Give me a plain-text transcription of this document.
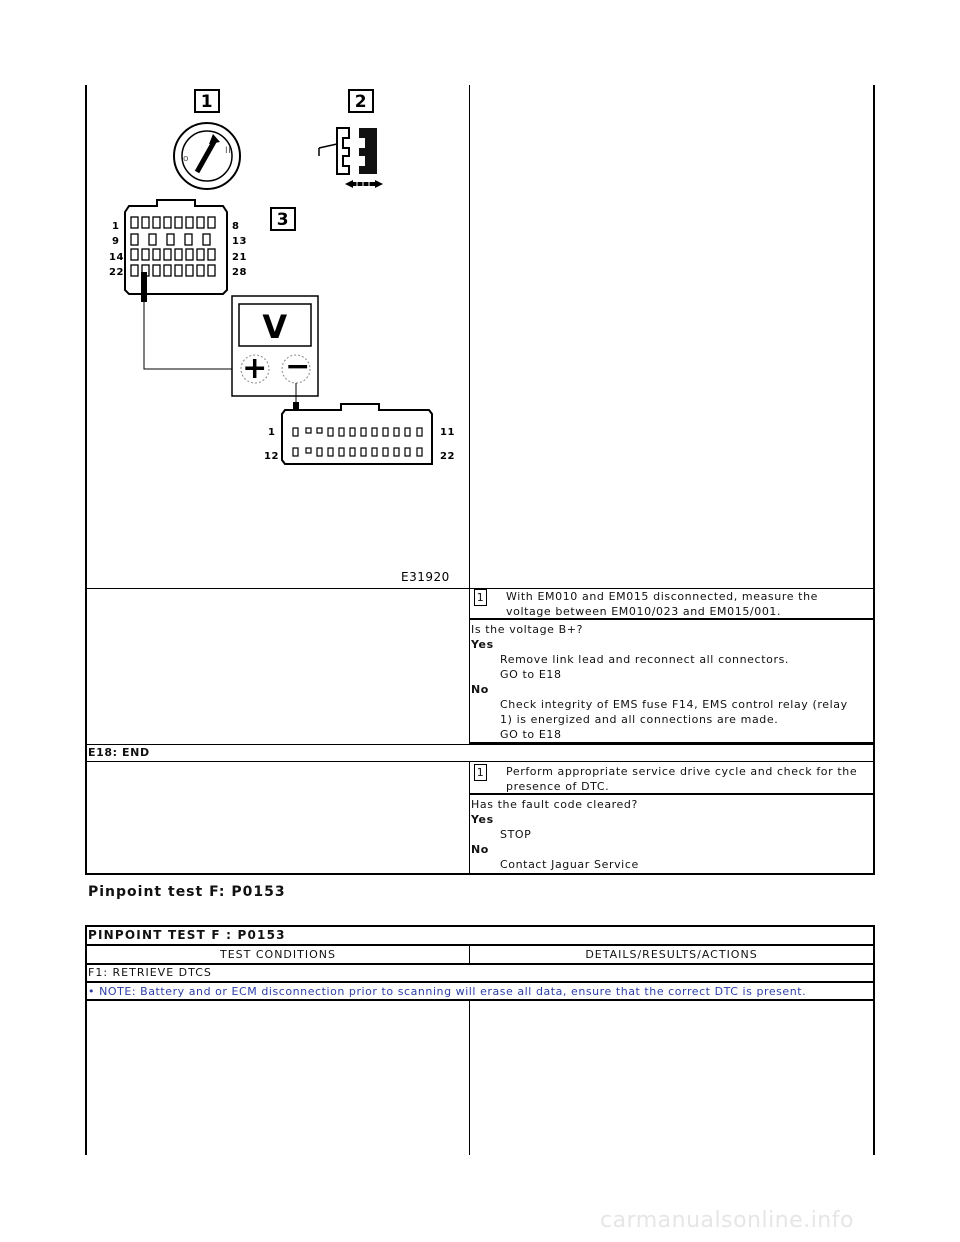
1
o
II
2
3
1
9
14
22
8
13
21
28
V
+ −
1
12
11
22
E31920
1 With EM010 and EM015 disconnected, measure the
voltage between EM010/023 and EM015/001.
Is the voltage B+?
Yes
Remove link lead and reconnect all connectors.
GO to E18
No
Check integrity of EMS fuse F14, EMS control relay (relay
1) is energized and all connections are made.
GO to E18
E18: END
1 Perform appropriate service drive cycle and check for the
presence of DTC.
Has the fault code cleared?
Yes
STOP
No
Contact Jaguar Service
Pinpoint test F: P0153
PINPOINT TEST F : P0153
TEST CONDITIONS	DETAILS/RESULTS/ACTIONS
F1: RETRIEVE DTCS
• NOTE: Battery and or ECM disconnection prior to scanning will erase all data, ensure that the correct DTC is present.
carmanualsonline.info
